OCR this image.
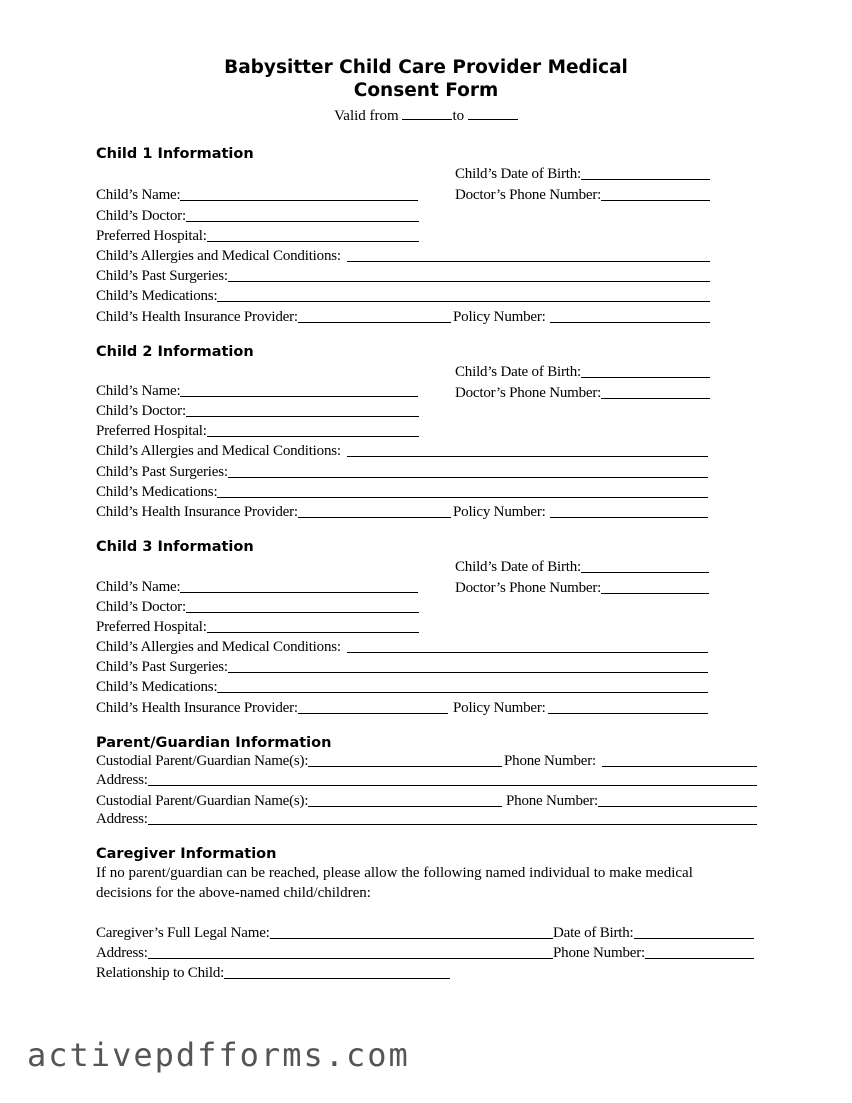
Babysitter Child Care Provider Medical
Consent Form
Valid from	to
Child 1 Information
Child’s Date of Birth:
Child’s Name:	Doctor’s Phone Number:
Child’s Doctor:
Preferred Hospital:
Child’s Allergies and Medical Conditions:
Child’s Past Surgeries:
Child’s Medications:
Child’s Health Insurance Provider:	Policy Number:
Child 2 Information
Child’s Date of Birth:
Child’s Name:	Doctor’s Phone Number:
Child’s Doctor:
Preferred Hospital:
Child’s Allergies and Medical Conditions:
Child’s Past Surgeries:
Child’s Medications:
Child’s Health Insurance Provider:	Policy Number:
Child 3 Information
Child’s Date of Birth:
Child’s Name:	Doctor’s Phone Number:
Child’s Doctor:
Preferred Hospital:
Child’s Allergies and Medical Conditions:
Child’s Past Surgeries:
Child’s Medications:
Child’s Health Insurance Provider:	Policy Number:
Parent/Guardian Information
Custodial Parent/Guardian Name(s):	Phone Number:
Address:
Custodial Parent/Guardian Name(s):	Phone Number:
Address:
Caregiver Information
If no parent/guardian can be reached, please allow the following named individual to make medical decisions for the above-named child/children:
Caregiver’s Full Legal Name:	Date of Birth:
Address:	Phone Number:
Relationship to Child:
activepdfforms.com
